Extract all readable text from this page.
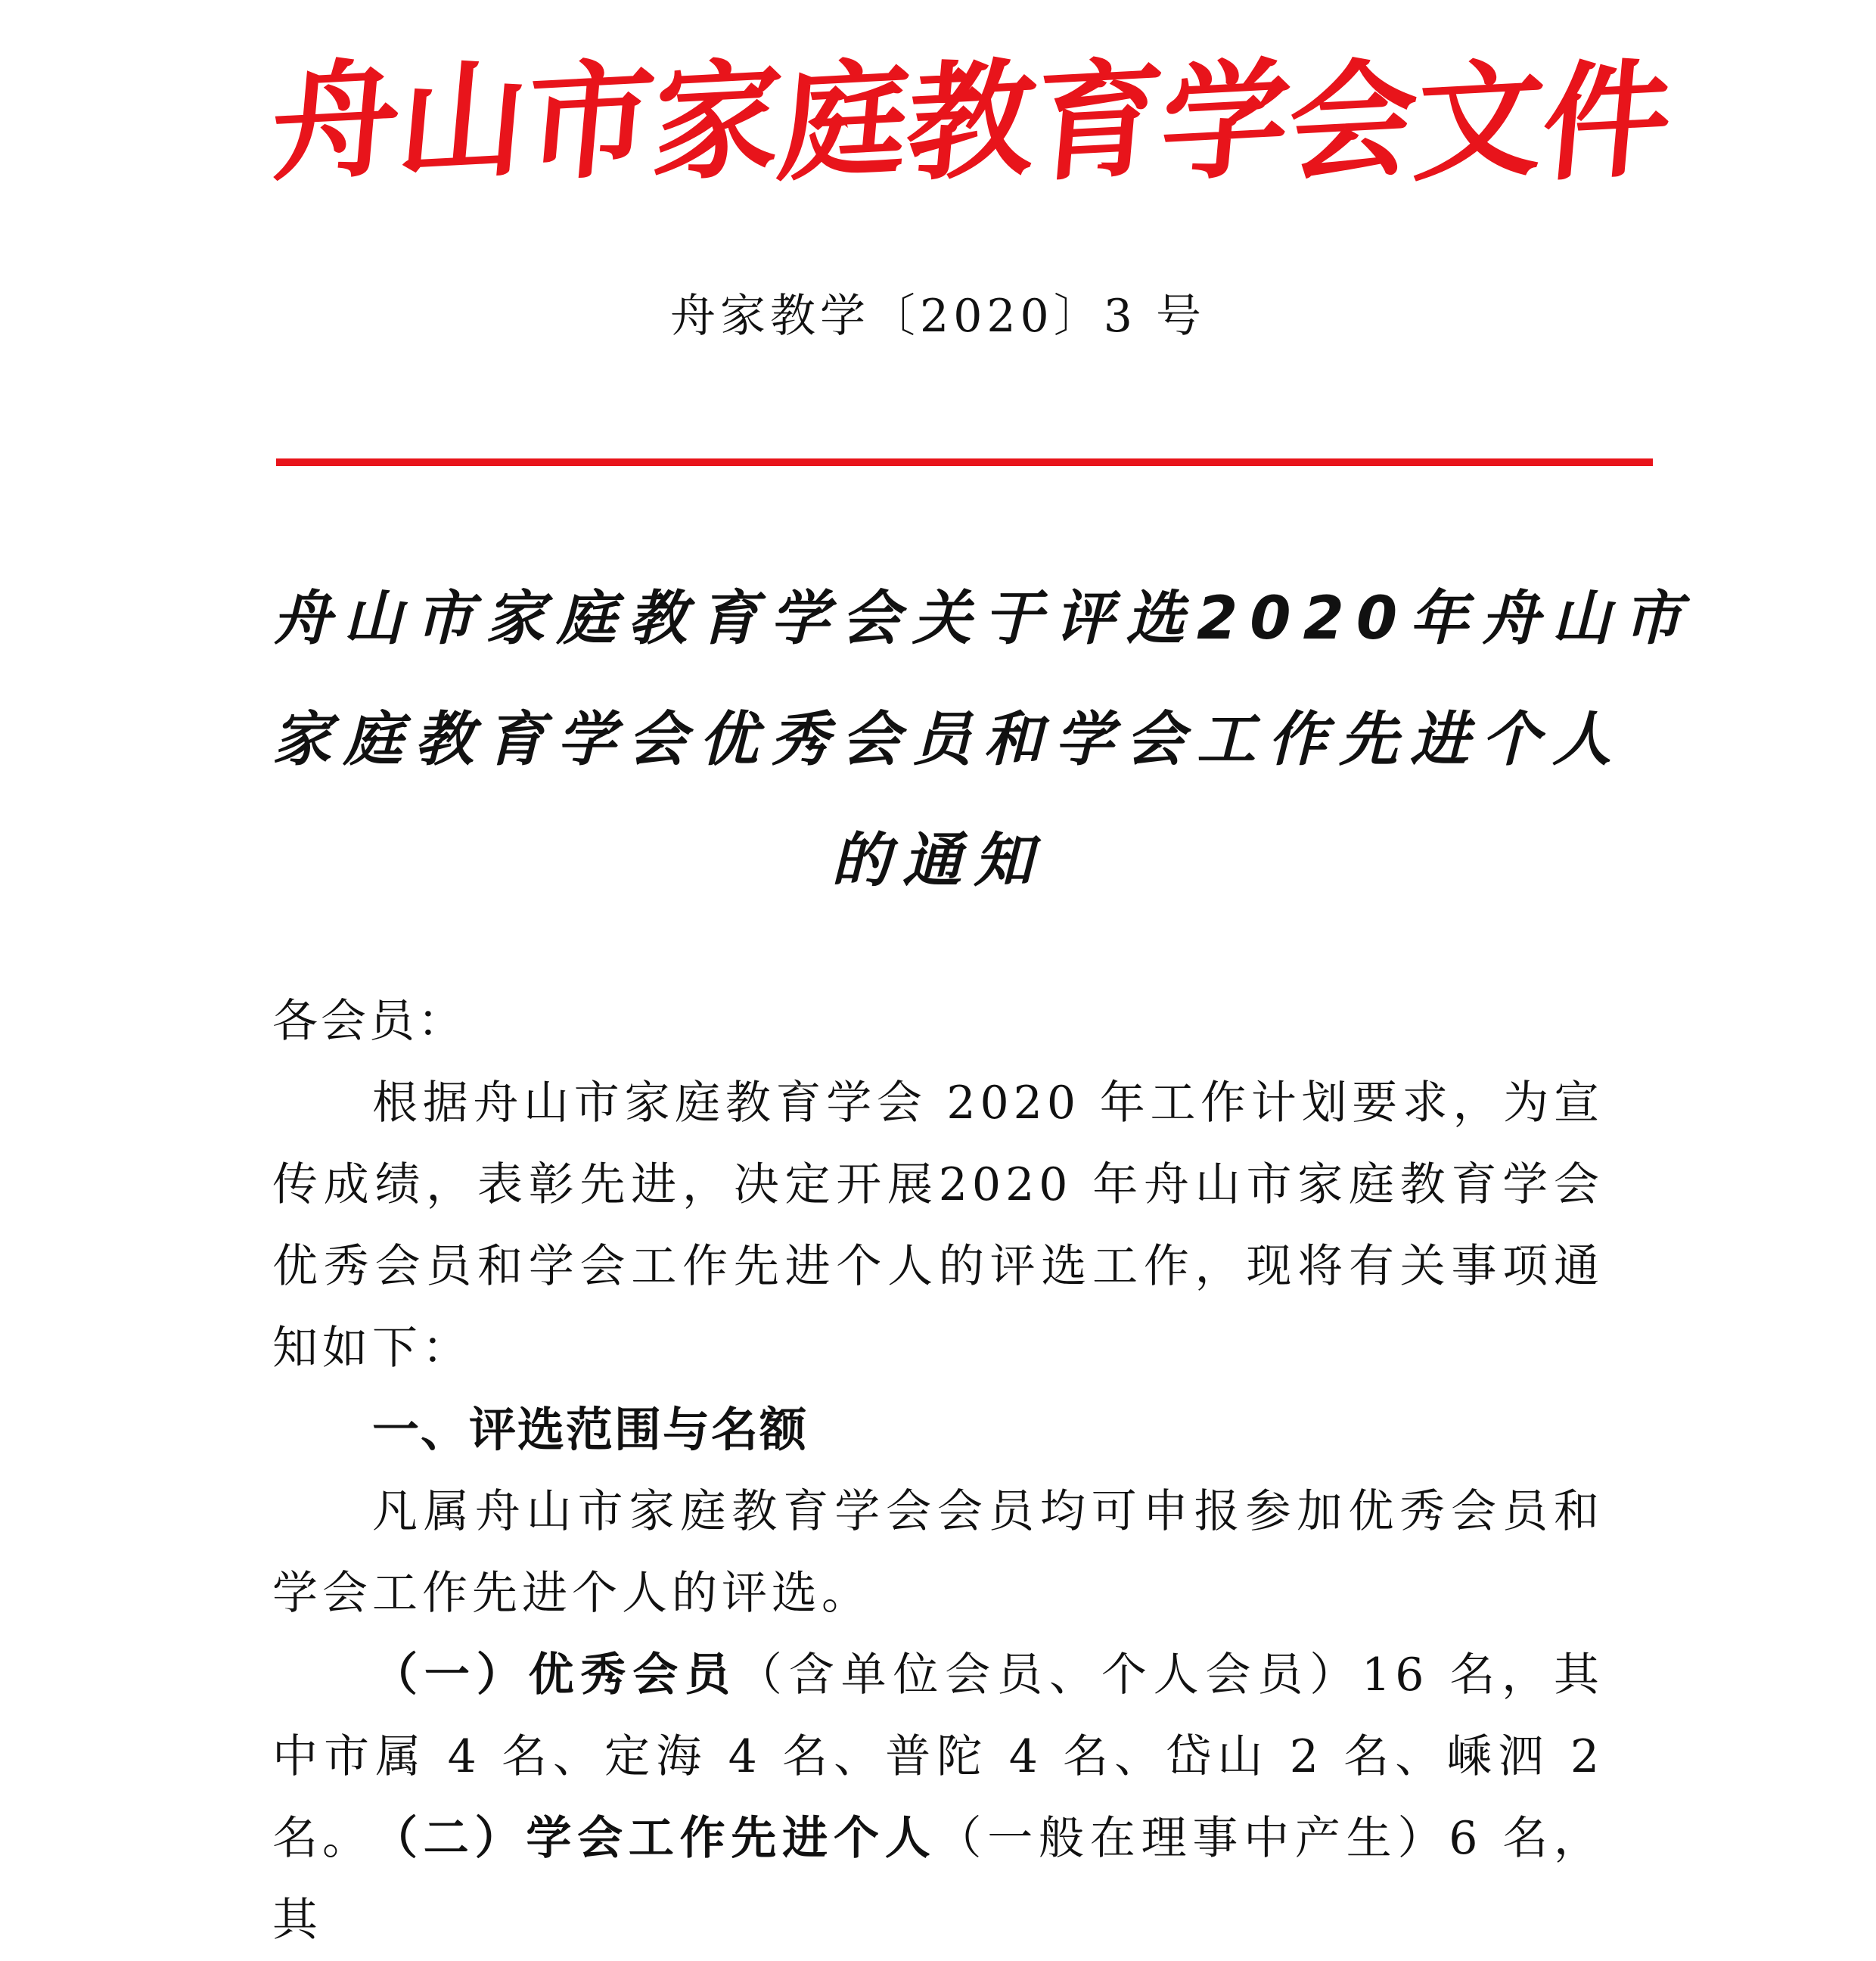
舟
山
市
家
庭
教
育
学
会
文
件
舟家教学〔2020〕3 号
舟山市家庭教育学会关于评选2020年舟山市
家庭教育学会优秀会员和学会工作先进个人
的通知
各会员：
根据舟山市家庭教育学会 2020 年工作计划要求，为宣传成绩，表彰先进，决定开展2020 年舟山市家庭教育学会优秀会员和学会工作先进个人的评选工作，现将有关事项通知如下：
一、评选范围与名额
凡属舟山市家庭教育学会会员均可申报参加优秀会员和学会工作先进个人的评选。
（一）优秀会员（含单位会员、个人会员）16 名，其中市属 4 名、定海 4 名、普陀 4 名、岱山 2 名、嵊泗 2 名。 （二）学会工作先进个人（一般在理事中产生）6 名，其
